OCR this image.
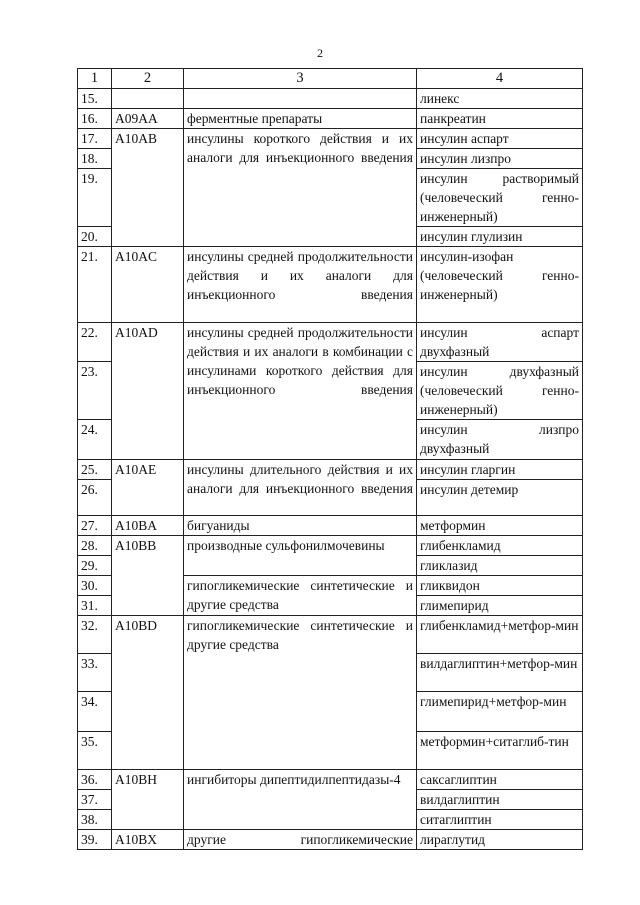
2
1	2	3	4
15.			линекс
16.	A09AA	ферментные препараты	панкреатин
17.	A10AB	инсулины короткого действия и их аналоги для инъекционного введения	инсулин аспарт
18.			инсулин лизпро
19.			инсулин растворимый (человеческий генно-инженерный)
20.			инсулин глулизин
21.	A10AC	инсулины средней продолжительности действия и их аналоги для инъекционного введения	инсулин-изофан (человеческий генно-инженерный)
22.	A10AD	инсулины средней продолжительности действия и их аналоги в комбинации с инсулинами короткого действия для инъекционного введения	инсулин аспарт двухфазный
23.			инсулин двухфазный (человеческий генно-инженерный)
24.			инсулин лизпро двухфазный
25.	A10AE	инсулины длительного действия и их аналоги для инъекционного введения	инсулин гларгин
26.			инсулин детемир
27.	A10BA	бигуаниды	метформин
28.	A10BB	производные сульфонилмочевины	глибенкламид
29.			гликлазид
30.		гипогликемические синтетические и другие средства	гликвидон
31.			глимепирид
32.	A10BD	гипогликемические синтетические и другие средства	глибенкламид+метфор-мин
33.			вилдаглиптин+метфор-мин
34.			глимепирид+метфор-мин
35.			метформин+ситаглиб-тин
36.	A10BH	ингибиторы дипептидилпептидазы-4	саксаглиптин
37.			вилдаглиптин
38.			ситаглиптин
39.	A10BX	другие гипогликемические	лираглутид
